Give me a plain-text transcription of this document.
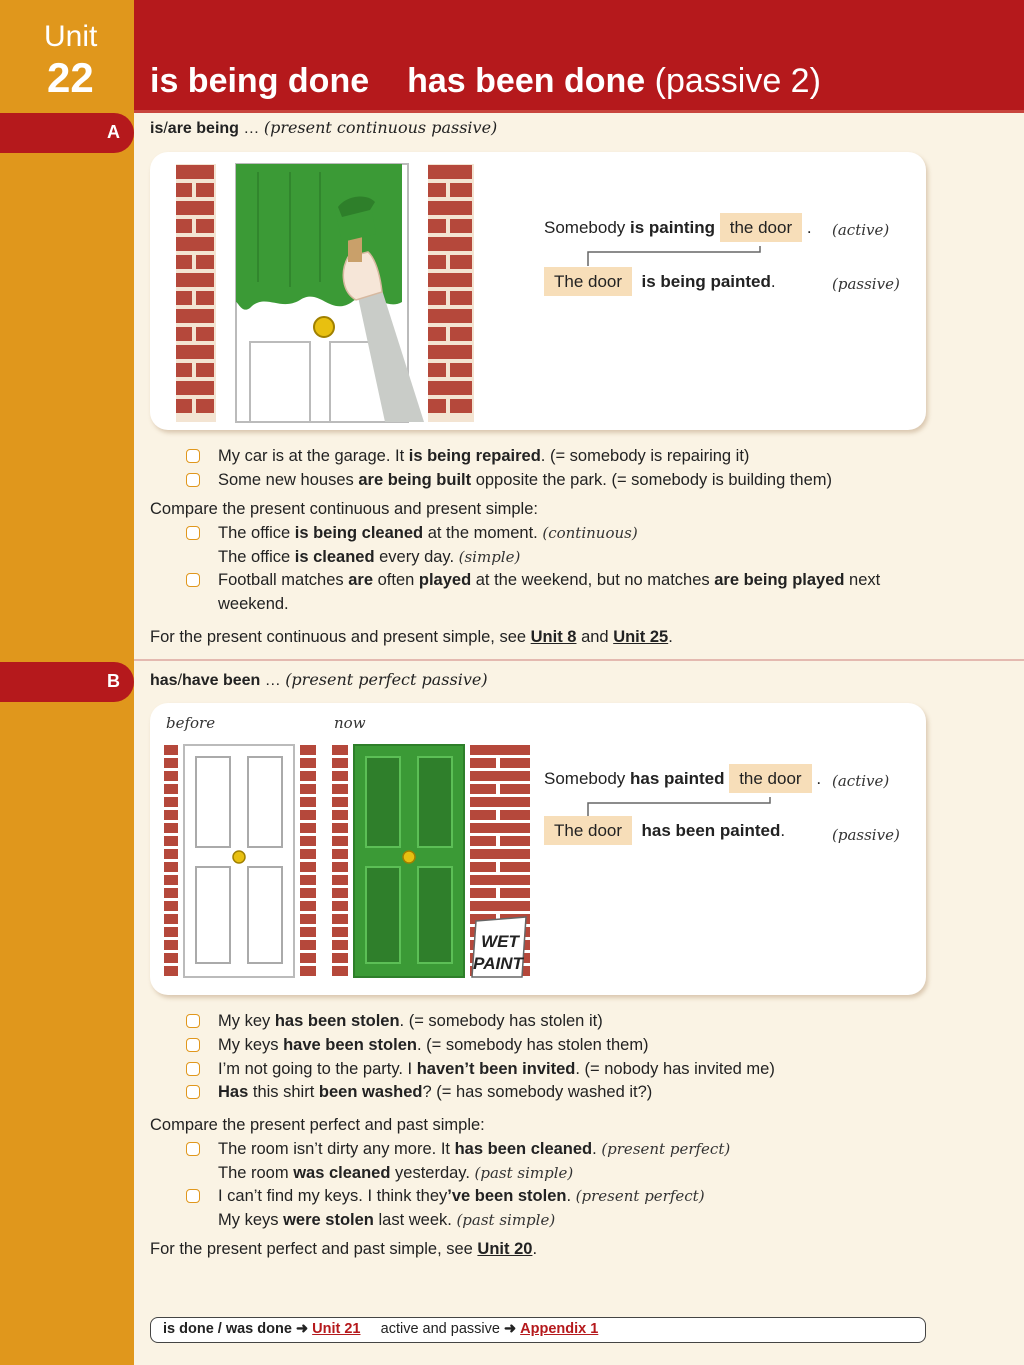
Unit
22 is being done has been done (passive 2)
A	is/are being … (present continuous passive)
Somebody is painting the door . (active)
The door is being painted.	(passive)
My car is at the garage. It is being repaired. (= somebody is repairing it)
Some new houses are being built opposite the park. (= somebody is building them)
Compare the present continuous and present simple:
The office is being cleaned at the moment. (continuous)
The office is cleaned every day. (simple)
Football matches are often played at the weekend, but no matches are being played next
weekend.
For the present continuous and present simple, see Unit 8 and Unit 25.
B	has/have been … (present perfect passive)
before	now
WET
PAINT
Somebody has painted the door . (active)
The door has been painted.	(passive)
My key has been stolen. (= somebody has stolen it)
My keys have been stolen. (= somebody has stolen them)
I’m not going to the party. I haven’t been invited. (= nobody has invited me)
Has this shirt been washed? (= has somebody washed it?)
Compare the present perfect and past simple:
The room isn’t dirty any more. It has been cleaned. (present perfect)
The room was cleaned yesterday. (past simple)
I can’t find my keys. I think they’ve been stolen. (present perfect)
My keys were stolen last week. (past simple)
For the present perfect and past simple, see Unit 20.
is done / was done ➜ Unit 21 active and passive ➜ Appendix 1
